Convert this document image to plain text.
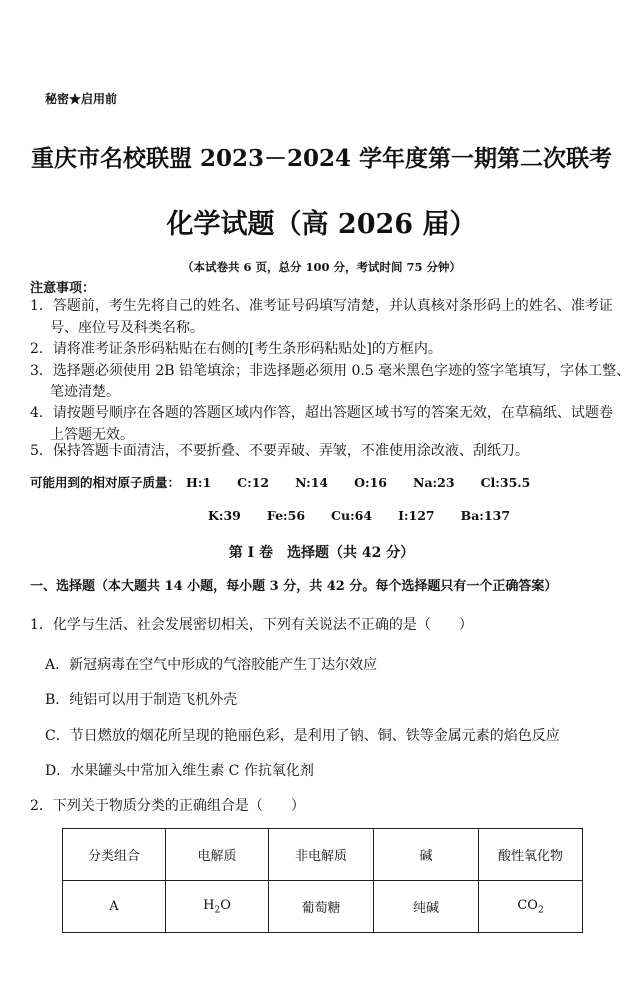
秘密★启用前
重庆市名校联盟 2023－2024 学年度第一期第二次联考
化学试题（高 2026 届）
（本试卷共 6 页，总分 100 分，考试时间 75 分钟）
注意事项：
1．答题前，考生先将自己的姓名、准考证号码填写清楚，并认真核对条形码上的姓名、准考证
号、座位号及科类名称。
2．请将准考证条形码粘贴在右侧的[考生条形码粘贴处]的方框内。
3．选择题必须使用 2B 铅笔填涂；非选择题必须用 0.5 毫米黑色字迹的签字笔填写，字体工整、
笔迹清楚。
4．请按题号顺序在各题的答题区域内作答，超出答题区域书写的答案无效，在草稿纸、试题卷
上答题无效。
5．保持答题卡面清洁，不要折叠、不要弄破、弄皱，不准使用涂改液、刮纸刀。
可能用到的相对原子质量： H:1 C:12 N:14 O:16 Na:23 Cl:35.5
K:39 Fe:56 Cu:64 I:127 Ba:137
第 I 卷　选择题（共 42 分）
一、选择题（本大题共 14 小题，每小题 3 分，共 42 分。每个选择题只有一个正确答案）
1．化学与生活、社会发展密切相关，下列有关说法不正确的是（　　）
A．新冠病毒在空气中形成的气溶胶能产生丁达尔效应
B．纯铝可以用于制造飞机外壳
C．节日燃放的烟花所呈现的艳丽色彩，是利用了钠、铜、铁等金属元素的焰色反应
D．水果罐头中常加入维生素 C 作抗氧化剂
2．下列关于物质分类的正确组合是（　　）
分类组合	电解质	非电解质	碱	酸性氧化物
A	$H_2O$	葡萄糖	纯碱	$CO_2$
